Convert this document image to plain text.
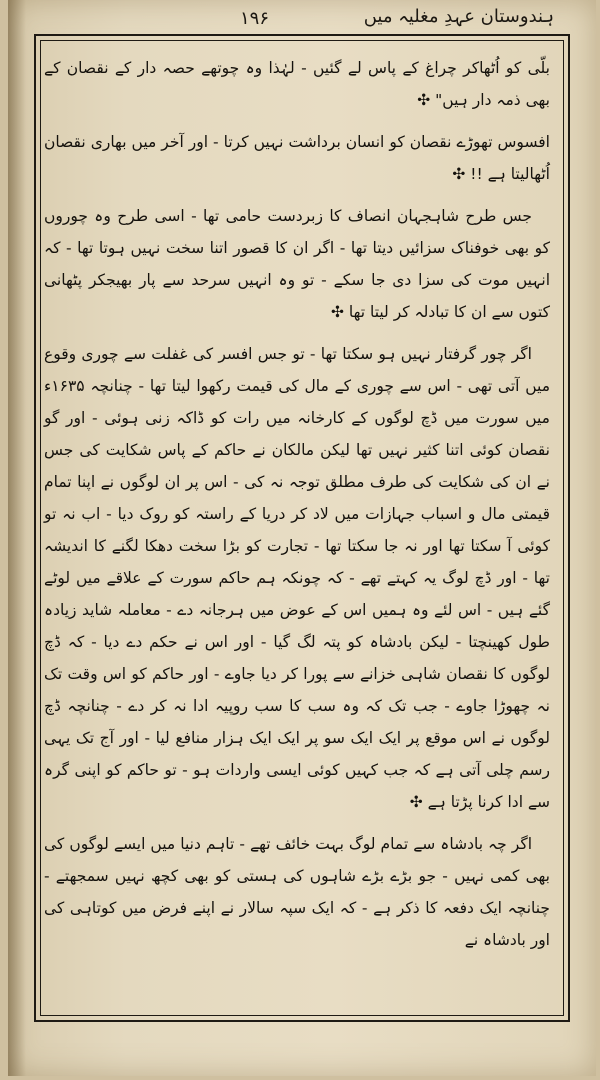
۱۹۶	ہندوستان عہدِ مغلیہ میں

بلّی کو اُٹھاکر چراغ کے پاس لے گئیں - لہٰذا وہ چوتھے حصہ دار کے نقصان کے بھی ذمہ دار ہیں" ✣

افسوس تھوڑے نقصان کو انسان برداشت نہیں کرتا - اور آخر میں بھاری نقصان اُٹھالیتا ہے !! ✣

جس طرح شاہجہان انصاف کا زبردست حامی تھا - اسی طرح وہ چوروں کو بھی خوفناک سزائیں دیتا تھا - اگر ان کا قصور اتنا سخت نہیں ہوتا تھا - کہ انہیں موت کی سزا دی جا سکے - تو وہ انہیں سرحد سے پار بھیجکر پٹھانی کتوں سے ان کا تبادلہ کر لیتا تھا ✣

اگر چور گرفتار نہیں ہو سکتا تھا - تو جس افسر کی غفلت سے چوری وقوع میں آتی تھی - اس سے چوری کے مال کی قیمت رکھوا لیتا تھا - چنانچہ ۱۶۳۵ء میں سورت میں ڈچ لوگوں کے کارخانہ میں رات کو ڈاکہ زنی ہوئی - اور گو نقصان کوئی اتنا کثیر نہیں تھا لیکن مالکان نے حاکم کے پاس شکایت کی جس نے ان کی شکایت کی طرف مطلق توجہ نہ کی - اس پر ان لوگوں نے اپنا تمام قیمتی مال و اسباب جہازات میں لاد کر دریا کے راستہ کو روک دیا - اب نہ تو کوئی آ سکتا تھا اور نہ جا سکتا تھا - تجارت کو بڑا سخت دھکا لگنے کا اندیشہ تھا - اور ڈچ لوگ یہ کہتے تھے - کہ چونکہ ہم حاکم سورت کے علاقے میں لوٹے گئے ہیں - اس لئے وہ ہمیں اس کے عوض میں ہرجانہ دے - معاملہ شاید زیادہ طول کھینچتا - لیکن بادشاہ کو پتہ لگ گیا - اور اس نے حکم دے دیا - کہ ڈچ لوگوں کا نقصان شاہی خزانے سے پورا کر دیا جاوے - اور حاکم کو اس وقت تک نہ چھوڑا جاوے - جب تک کہ وہ سب کا سب روپیہ ادا نہ کر دے - چنانچہ ڈچ لوگوں نے اس موقع پر ایک ایک سو پر ایک ایک ہزار منافع لیا - اور آج تک یہی رسم چلی آتی ہے کہ جب کہیں کوئی ایسی واردات ہو - تو حاکم کو اپنی گرہ سے ادا کرنا پڑتا ہے ✣

اگر چہ بادشاہ سے تمام لوگ بہت خائف تھے - تاہم دنیا میں ایسے لوگوں کی بھی کمی نہیں - جو بڑے بڑے شاہوں کی ہستی کو بھی کچھ نہیں سمجھتے - چنانچہ ایک دفعہ کا ذکر ہے - کہ ایک سپہ سالار نے اپنے فرض میں کوتاہی کی اور بادشاہ نے
